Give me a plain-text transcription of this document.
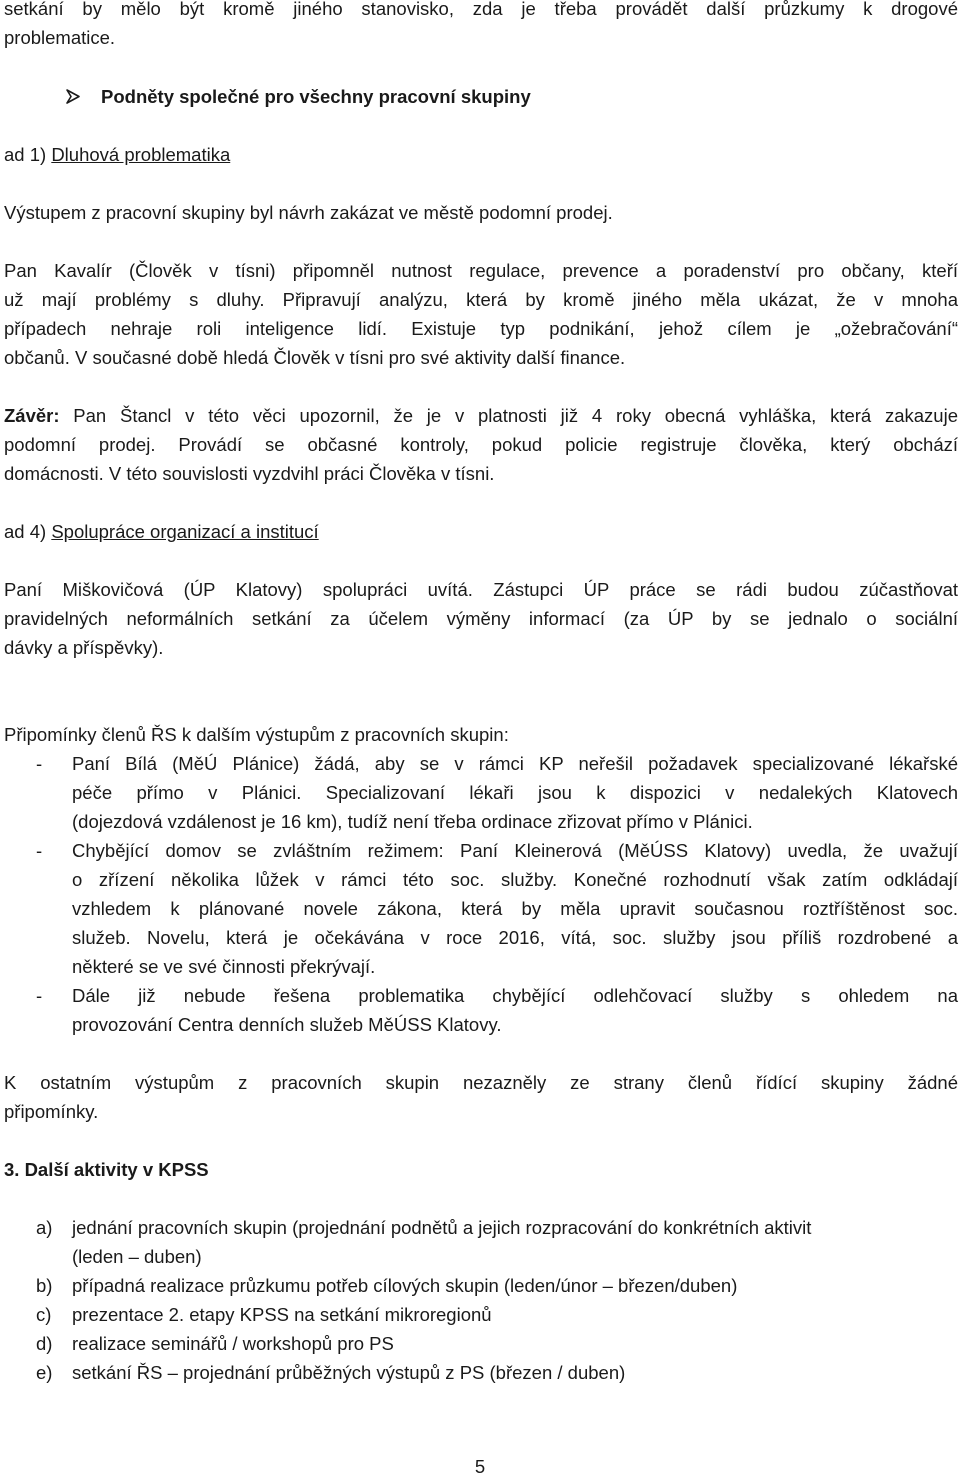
setkání by mělo být kromě jiného stanovisko, zda je třeba provádět další průzkumy k drogové
problematice.
Podněty společné pro všechny pracovní skupiny
ad 1) Dluhová problematika
Výstupem z pracovní skupiny byl návrh zakázat ve městě podomní prodej.
Pan Kavalír (Člověk v tísni) připomněl nutnost regulace, prevence a poradenství pro občany, kteří
už mají problémy s dluhy. Připravují analýzu, která by kromě jiného měla ukázat, že v mnoha
případech nehraje roli inteligence lidí. Existuje typ podnikání, jehož cílem je „ožebračování“
občanů. V současné době hledá Člověk v tísni pro své aktivity další finance.
Závěr: Pan Štancl v této věci upozornil, že je v platnosti již 4 roky obecná vyhláška, která zakazuje
podomní prodej. Provádí se občasné kontroly, pokud policie registruje člověka, který obchází
domácnosti. V této souvislosti vyzdvihl práci Člověka v tísni.
ad 4) Spolupráce organizací a institucí
Paní Miškovičová (ÚP Klatovy) spolupráci uvítá. Zástupci ÚP práce se rádi budou zúčastňovat
pravidelných neformálních setkání za účelem výměny informací (za ÚP by se jednalo o sociální
dávky a příspěvky).
Připomínky členů ŘS k dalším výstupům z pracovních skupin:
- Paní Bílá (MěÚ Plánice) žádá, aby se v rámci KP neřešil požadavek specializované lékařské
péče přímo v Plánici. Specializovaní lékaři jsou k dispozici v nedalekých Klatovech
(dojezdová vzdálenost je 16 km), tudíž není třeba ordinace zřizovat přímo v Plánici.
- Chybějící domov se zvláštním režimem: Paní Kleinerová (MěÚSS Klatovy) uvedla, že uvažují
o zřízení několika lůžek v rámci této soc. služby. Konečné rozhodnutí však zatím odkládají
vzhledem k plánované novele zákona, která by měla upravit současnou roztříštěnost soc.
služeb. Novelu, která je očekávána v roce 2016, vítá, soc. služby jsou příliš rozdrobené a
některé se ve své činnosti překrývají.
- Dále již nebude řešena problematika chybějící odlehčovací služby s ohledem na
provozování Centra denních služeb MěÚSS Klatovy.
K ostatním výstupům z pracovních skupin nezazněly ze strany členů řídící skupiny žádné
připomínky.
3. Další aktivity v KPSS
a) jednání pracovních skupin (projednání podnětů a jejich rozpracování do konkrétních aktivit
(leden – duben)
b) případná realizace průzkumu potřeb cílových skupin (leden/únor – březen/duben)
c) prezentace 2. etapy KPSS na setkání mikroregionů
d) realizace seminářů / workshopů pro PS
e) setkání ŘS – projednání průběžných výstupů z PS (březen / duben)
5
